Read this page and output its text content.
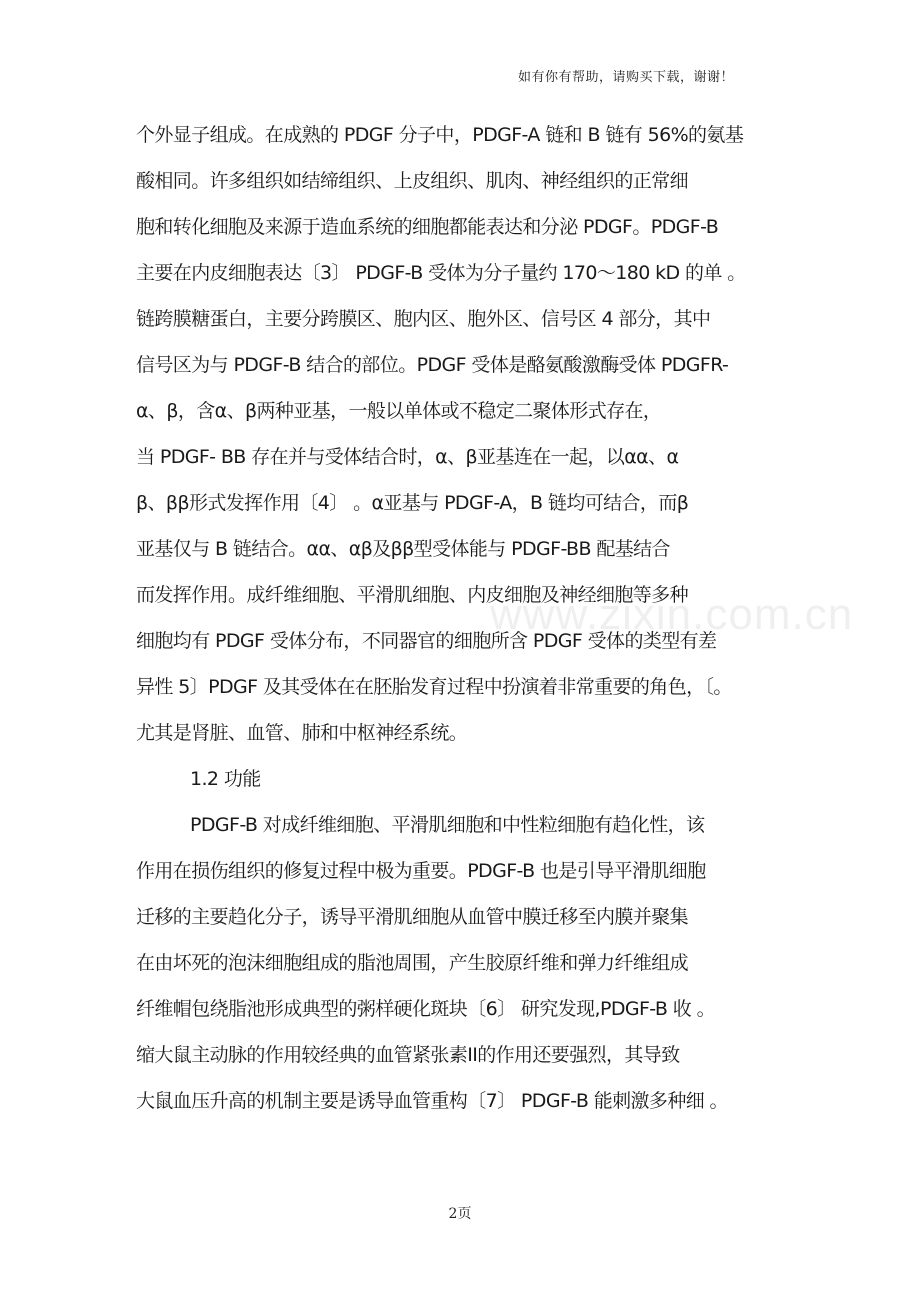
如有你有帮助，请购买下载，谢谢！
www.zixin.com.cn
个外显子组成。在成熟的 PDGF 分子中，PDGF-A 链和 B 链有 56%的氨基
酸相同。许多组织如结缔组织、上皮组织、肌肉、神经组织的正常细
胞和转化细胞及来源于造血系统的细胞都能表达和分泌 PDGF。PDGF-B
主要在内皮细胞表达〔3〕 PDGF-B 受体为分子量约 170～180 kD 的单 。
链跨膜糖蛋白，主要分跨膜区、胞内区、胞外区、信号区 4 部分，其中
信号区为与 PDGF-B 结合的部位。PDGF 受体是酪氨酸激酶受体 PDGFR-
α、β，含α、β两种亚基，一般以单体或不稳定二聚体形式存在，
当 PDGF- BB 存在并与受体结合时，α、β亚基连在一起，以αα、α
β、ββ形式发挥作用〔4〕 。α亚基与 PDGF-A，B 链均可结合，而β
亚基仅与 B 链结合。αα、αβ及ββ型受体能与 PDGF-BB 配基结合
而发挥作用。成纤维细胞、平滑肌细胞、内皮细胞及神经细胞等多种
细胞均有 PDGF 受体分布，不同器官的细胞所含 PDGF 受体的类型有差
异性 5〕PDGF 及其受体在在胚胎发育过程中扮演着非常重要的角色，〔。
尤其是肾脏、血管、肺和中枢神经系统。
1.2 功能
PDGF-B 对成纤维细胞、平滑肌细胞和中性粒细胞有趋化性，该
作用在损伤组织的修复过程中极为重要。PDGF-B 也是引导平滑肌细胞
迁移的主要趋化分子，诱导平滑肌细胞从血管中膜迁移至内膜并聚集
在由坏死的泡沫细胞组成的脂池周围，产生胶原纤维和弹力纤维组成
纤维帽包绕脂池形成典型的粥样硬化斑块〔6〕 研究发现,PDGF-B 收 。
缩大鼠主动脉的作用较经典的血管紧张素II的作用还要强烈，其导致
大鼠血压升高的机制主要是诱导血管重构〔7〕 PDGF-B 能刺激多种细 。
2页
